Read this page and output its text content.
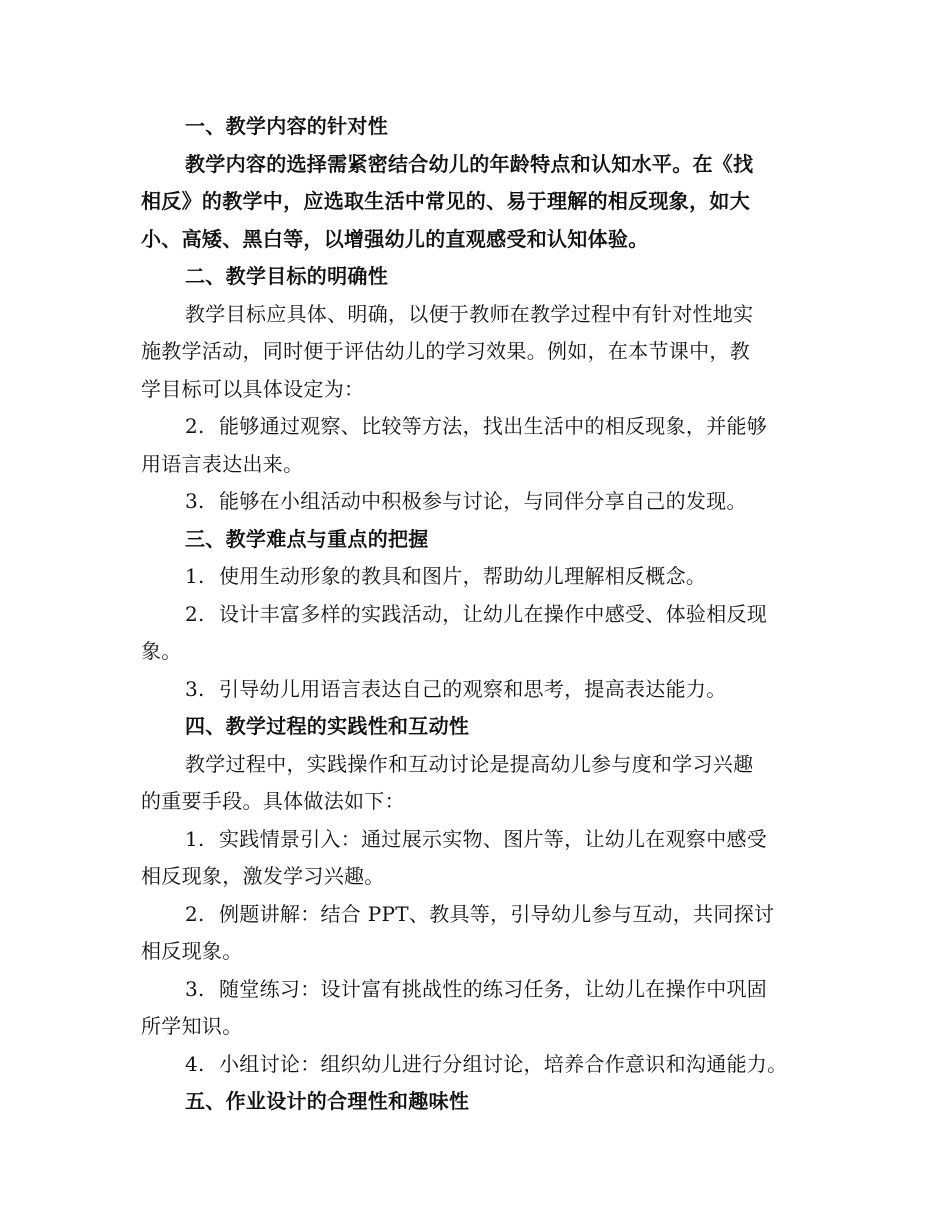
一、教学内容的针对性
教学内容的选择需紧密结合幼儿的年龄特点和认知水平。在《找
相反》的教学中，应选取生活中常见的、易于理解的相反现象，如大
小、高矮、黑白等，以增强幼儿的直观感受和认知体验。
二、教学目标的明确性
教学目标应具体、明确，以便于教师在教学过程中有针对性地实
施教学活动，同时便于评估幼儿的学习效果。例如，在本节课中，教
学目标可以具体设定为：
2. 能够通过观察、比较等方法，找出生活中的相反现象，并能够
用语言表达出来。
3. 能够在小组活动中积极参与讨论，与同伴分享自己的发现。
三、教学难点与重点的把握
1. 使用生动形象的教具和图片，帮助幼儿理解相反概念。
2. 设计丰富多样的实践活动，让幼儿在操作中感受、体验相反现
象。
3. 引导幼儿用语言表达自己的观察和思考，提高表达能力。
四、教学过程的实践性和互动性
教学过程中，实践操作和互动讨论是提高幼儿参与度和学习兴趣
的重要手段。具体做法如下：
1. 实践情景引入：通过展示实物、图片等，让幼儿在观察中感受
相反现象，激发学习兴趣。
2. 例题讲解：结合 PPT、教具等，引导幼儿参与互动，共同探讨
相反现象。
3. 随堂练习：设计富有挑战性的练习任务，让幼儿在操作中巩固
所学知识。
4. 小组讨论：组织幼儿进行分组讨论，培养合作意识和沟通能力。
五、作业设计的合理性和趣味性
